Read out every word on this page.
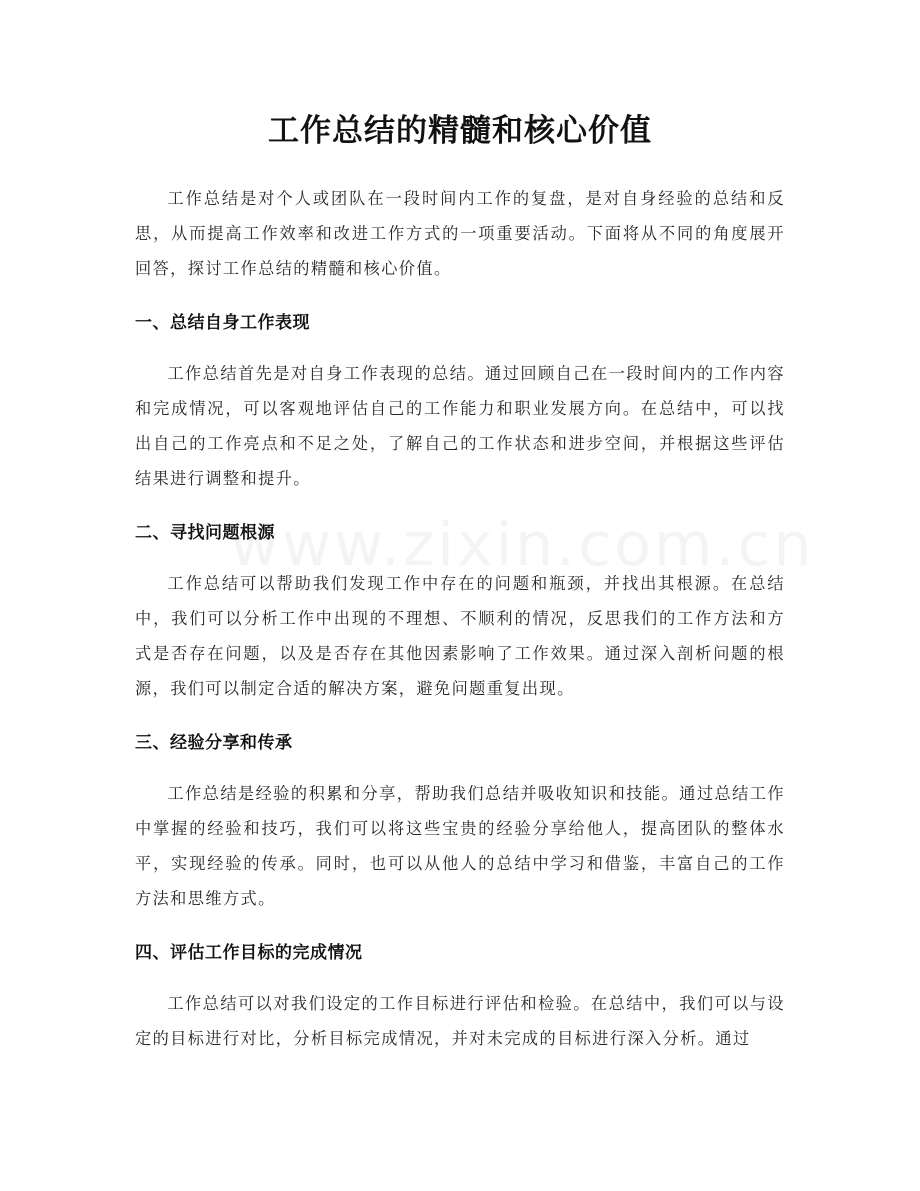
工作总结的精髓和核心价值

工作总结是对个人或团队在一段时间内工作的复盘，是对自身经验的总结和反思，从而提高工作效率和改进工作方式的一项重要活动。下面将从不同的角度展开回答，探讨工作总结的精髓和核心价值。

一、总结自身工作表现

工作总结首先是对自身工作表现的总结。通过回顾自己在一段时间内的工作内容和完成情况，可以客观地评估自己的工作能力和职业发展方向。在总结中，可以找出自己的工作亮点和不足之处，了解自己的工作状态和进步空间，并根据这些评估结果进行调整和提升。

二、寻找问题根源

工作总结可以帮助我们发现工作中存在的问题和瓶颈，并找出其根源。在总结中，我们可以分析工作中出现的不理想、不顺利的情况，反思我们的工作方法和方式是否存在问题，以及是否存在其他因素影响了工作效果。通过深入剖析问题的根源，我们可以制定合适的解决方案，避免问题重复出现。

三、经验分享和传承

工作总结是经验的积累和分享，帮助我们总结并吸收知识和技能。通过总结工作中掌握的经验和技巧，我们可以将这些宝贵的经验分享给他人，提高团队的整体水平，实现经验的传承。同时，也可以从他人的总结中学习和借鉴，丰富自己的工作方法和思维方式。

四、评估工作目标的完成情况

工作总结可以对我们设定的工作目标进行评估和检验。在总结中，我们可以与设定的目标进行对比，分析目标完成情况，并对未完成的目标进行深入分析。通过
